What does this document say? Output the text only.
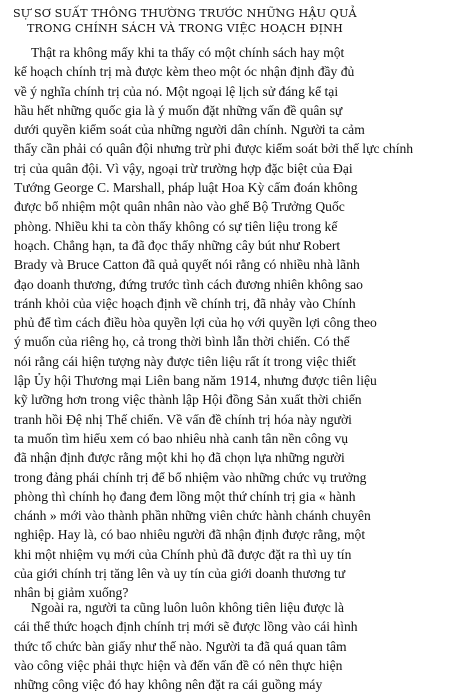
SỰ SƠ SUẤT THÔNG THƯỜNG TRƯỚC NHỮNG HẬU QUẢ
TRONG CHÍNH SÁCH VÀ TRONG VIỆC HOẠCH ĐỊNH
Thật ra không mấy khi ta thấy có một chính sách hay một
kế hoạch chính trị mà được kèm theo một óc nhận định đầy đủ
về ý nghĩa chính trị của nó. Một ngoại lệ lịch sử đáng kể tại
hầu hết những quốc gia là ý muốn đặt những vấn đề quân sự
dưới quyền kiểm soát của những người dân chính. Người ta cảm
thấy cần phải có quân đội nhưng trừ phi được kiểm soát bởi thế lực chính
trị của quân đội. Vì vậy, ngoại trừ trường hợp đặc biệt của Đại
Tướng George C. Marshall, pháp luật Hoa Kỳ cấm đoán không
được bổ nhiệm một quân nhân nào vào ghế Bộ Trưởng Quốc
phòng. Nhiều khi ta còn thấy không có sự tiên liệu trong kế
hoạch. Chẳng hạn, ta đã đọc thấy những cây bút như Robert
Brady và Bruce Catton đã quả quyết nói rằng có nhiều nhà lãnh
đạo doanh thương, đứng trước tình cách đương nhiên không sao
tránh khỏi của việc hoạch định về chính trị, đã nhảy vào Chính
phủ để tìm cách điều hòa quyền lợi của họ với quyền lợi công theo
ý muốn của riêng họ, cả trong thời bình lẫn thời chiến. Có thể
nói rằng cái hiện tượng này được tiên liệu rất ít trong việc thiết
lập Ủy hội Thương mại Liên bang năm 1914, nhưng được tiên liệu
kỹ lưỡng hơn trong việc thành lập Hội đồng Sản xuất thời chiến
tranh hồi Đệ nhị Thế chiến. Về vấn đề chính trị hóa này người
ta muốn tìm hiểu xem có bao nhiêu nhà canh tân nền công vụ
đã nhận định được rằng một khi họ đã chọn lựa những người
trong đảng phái chính trị để bổ nhiệm vào những chức vụ trưởng
phòng thì chính họ đang đem lồng một thứ chính trị gia « hành
chánh » mới vào thành phần những viên chức hành chánh chuyên
nghiệp. Hay là, có bao nhiêu người đã nhận định được rằng, một
khi một nhiệm vụ mới của Chính phủ đã được đặt ra thì uy tín
của giới chính trị tăng lên và uy tín của giới doanh thương tư
nhân bị giảm xuống?
Ngoài ra, người ta cũng luôn luôn không tiên liệu được là
cái thể thức hoạch định chính trị mới sẽ được lồng vào cái hình
thức tổ chức bàn giấy như thế nào. Người ta đã quá quan tâm
vào công việc phải thực hiện và đến vấn đề có nên thực hiện
những công việc đó hay không nên đặt ra cái guồng máy
